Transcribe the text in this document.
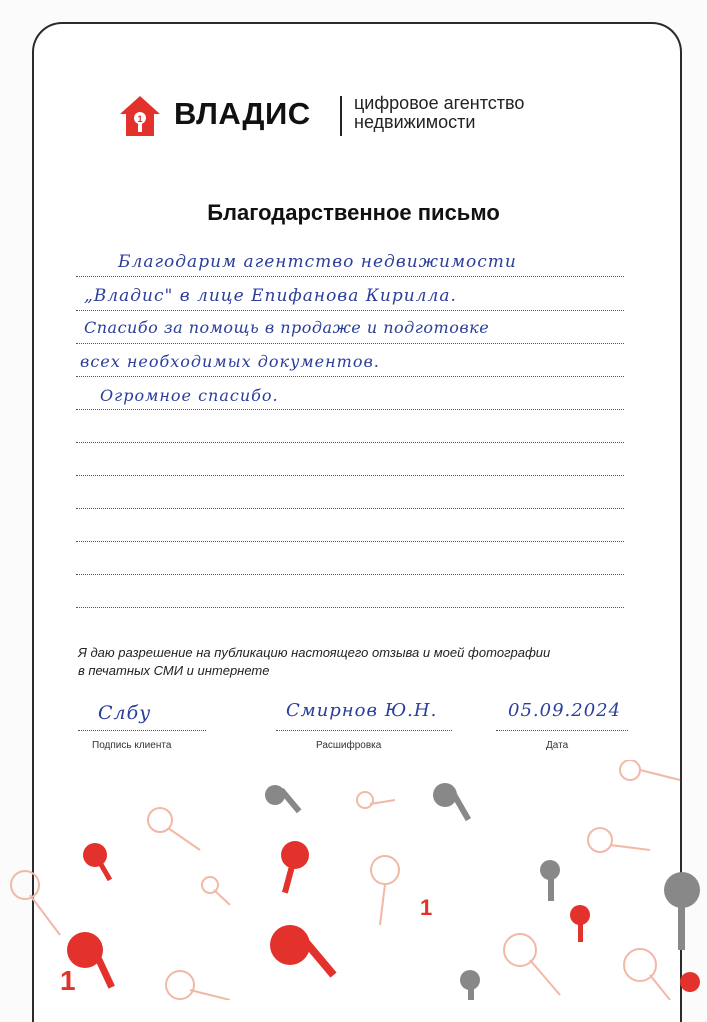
1 ВЛАДИС цифровое агентство
недвижимости
Благодарственное письмо
Благодарим агентство недвижимости
„Владис" в лице Епифанова Кирилла.
Спасибо за помощь в продаже и подготовке
всех необходимых документов.
Огромное спасибо.
Я даю разрешение на публикацию настоящего отзыва и моей фотографии
в печатных СМИ и интернете
Слбу
Подпись клиента
Смирнов Ю.Н.
Расшифровка
05.09.2024
Дата
1
1
